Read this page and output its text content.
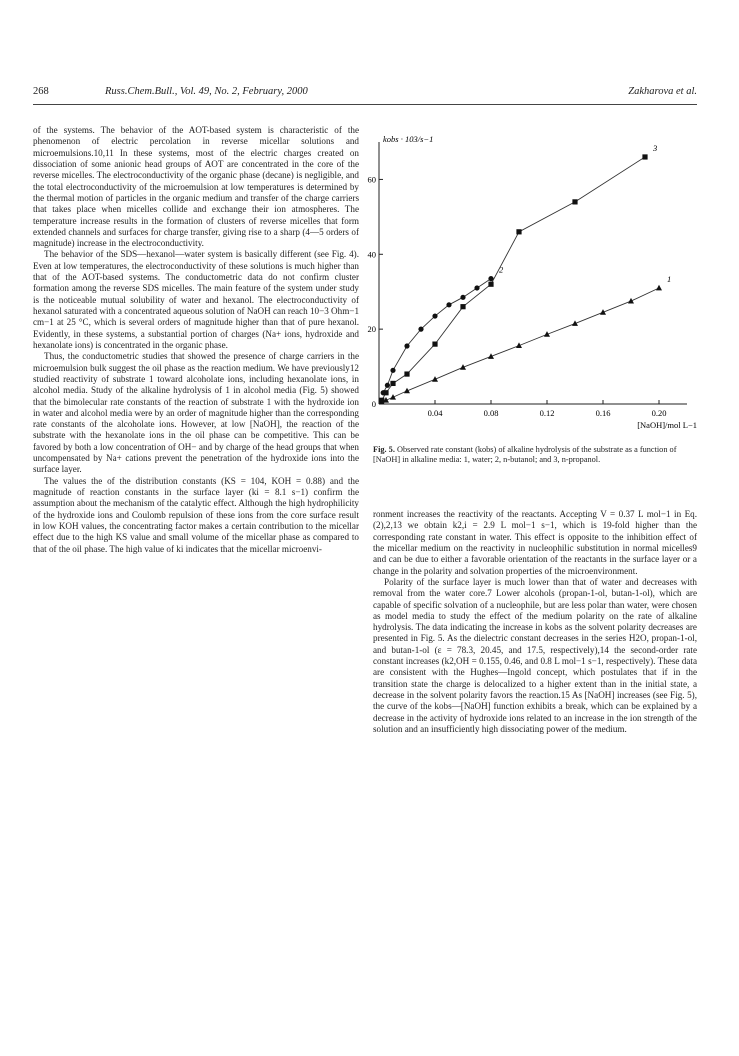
268	Russ.Chem.Bull., Vol. 49, No. 2, February, 2000	Zakharova et al.

of the systems. The behavior of the AOT-based system is characteristic of the phenomenon of electric percolation in reverse micellar solutions and microemulsions.10,11 In these systems, most of the electric charges created on dissociation of some anionic head groups of AOT are concentrated in the core of the reverse micelles. The electroconductivity of the organic phase (decane) is negligible, and the total electroconductivity of the microemulsion at low temperatures is determined by the thermal motion of particles in the organic medium and transfer of the charge carriers that takes place when micelles collide and exchange their ion atmospheres. The temperature increase results in the formation of clusters of reverse micelles that form extended channels and surfaces for charge transfer, giving rise to a sharp (4—5 orders of magnitude) increase in the electroconductivity.

The behavior of the SDS—hexanol—water system is basically different (see Fig. 4). Even at low temperatures, the electroconductivity of these solutions is much higher than that of the AOT-based systems. The conductometric data do not confirm cluster formation among the reverse SDS micelles. The main feature of the system under study is the noticeable mutual solubility of water and hexanol. The electroconductivity of hexanol saturated with a concentrated aqueous solution of NaOH can reach 10−3 Ohm−1 cm−1 at 25 °C, which is several orders of magnitude higher than that of pure hexanol. Evidently, in these systems, a substantial portion of charges (Na+ ions, hydroxide and hexanolate ions) is concentrated in the organic phase.

Thus, the conductometric studies that showed the presence of charge carriers in the microemulsion bulk suggest the oil phase as the reaction medium. We have previously12 studied reactivity of substrate 1 toward alcoholate ions, including hexanolate ions, in alcohol media. Study of the alkaline hydrolysis of 1 in alcohol media (Fig. 5) showed that the bimolecular rate constants of the reaction of substrate 1 with the hydroxide ion in water and alcohol media were by an order of magnitude higher than the corresponding rate constants of the alcoholate ions. However, at low [NaOH], the reaction of the substrate with the hexanolate ions in the oil phase can be competitive. This can be favored by both a low concentration of OH− and by charge of the head groups that when uncompensated by Na+ cations prevent the penetration of the hydroxide ions into the surface layer.

The values the of the distribution constants (KS = 104, KOH = 0.88) and the magnitude of reaction constants in the surface layer (ki = 8.1 s−1) confirm the assumption about the mechanism of the catalytic effect. Although the high hydrophilicity of the hydroxide ions and Coulomb repulsion of these ions from the core surface result in low KOH values, the concentrating factor makes a certain contribution to the micellar effect due to the high KS value and small volume of the micellar phase as compared to that of the oil phase. The high value of ki indicates that the micellar microenvi-

0.04	0.08	0.12	0.16	0.20
0
20
40
60
1
2
3
kobs · 103/s−1
[NaOH]/mol L−1
Fig. 5. Observed rate constant (kobs) of alkaline hydrolysis of the substrate as a function of [NaOH] in alkaline media: 1, water; 2, n-butanol; and 3, n-propanol.

ronment increases the reactivity of the reactants. Accepting V = 0.37 L mol−1 in Eq. (2),2,13 we obtain k2,i = 2.9 L mol−1 s−1, which is 19-fold higher than the corresponding rate constant in water. This effect is opposite to the inhibition effect of the micellar medium on the reactivity in nucleophilic substitution in normal micelles9 and can be due to either a favorable orientation of the reactants in the surface layer or a change in the polarity and solvation properties of the microenvironment.

Polarity of the surface layer is much lower than that of water and decreases with removal from the water core.7 Lower alcohols (propan-1-ol, butan-1-ol), which are capable of specific solvation of a nucleophile, but are less polar than water, were chosen as model media to study the effect of the medium polarity on the rate of alkaline hydrolysis. The data indicating the increase in kobs as the solvent polarity decreases are presented in Fig. 5. As the dielectric constant decreases in the series H2O, propan-1-ol, and butan-1-ol (ε = 78.3, 20.45, and 17.5, respectively),14 the second-order rate constant increases (k2,OH = 0.155, 0.46, and 0.8 L mol−1 s−1, respectively). These data are consistent with the Hughes—Ingold concept, which postulates that if in the transition state the charge is delocalized to a higher extent than in the initial state, a decrease in the solvent polarity favors the reaction.15 As [NaOH] increases (see Fig. 5), the curve of the kobs—[NaOH] function exhibits a break, which can be explained by a decrease in the activity of hydroxide ions related to an increase in the ion strength of the solution and an insufficiently high dissociating power of the medium.
